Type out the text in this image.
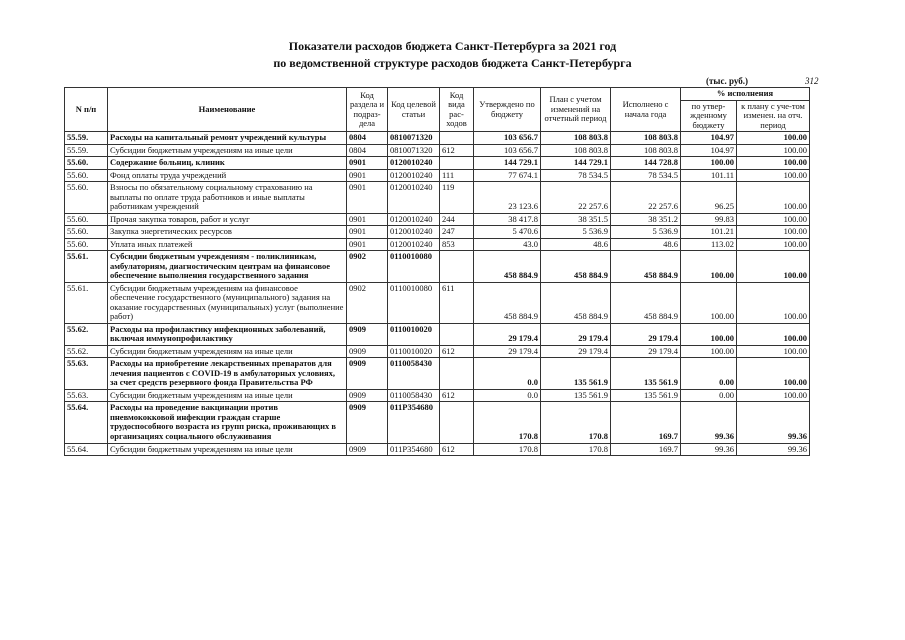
Показатели расходов бюджета Санкт-Петербурга за 2021 год
по ведомственной структуре расходов бюджета Санкт-Петербурга
(тыс. руб.)	312
N п/п	Наименование	Код раздела и подраз-дела	Код целевой статьи	Код вида рас-ходов	Утверждено по бюджету	План с учетом изменений на отчетный период	Исполнено с начала года	% исполнения	
								по утвер-жденному бюджету	к плану с уче-том изменен. на отч. период
55.59.	Расходы на капитальный ремонт учреждений культуры	0804	0810071320		103 656.7	108 803.8	108 803.8	104.97	100.00
55.59.	Субсидии бюджетным учреждениям на иные цели	0804	0810071320	612	103 656.7	108 803.8	108 803.8	104.97	100.00
55.60.	Содержание больниц, клиник	0901	0120010240		144 729.1	144 729.1	144 728.8	100.00	100.00
55.60.	Фонд оплаты труда учреждений	0901	0120010240	111	77 674.1	78 534.5	78 534.5	101.11	100.00
55.60.	Взносы по обязательному социальному страхованию на выплаты по оплате труда работников и иные выплаты работникам учреждений	0901	0120010240	119	23 123.6	22 257.6	22 257.6	96.25	100.00
55.60.	Прочая закупка товаров, работ и услуг	0901	0120010240	244	38 417.8	38 351.5	38 351.2	99.83	100.00
55.60.	Закупка энергетических ресурсов	0901	0120010240	247	5 470.6	5 536.9	5 536.9	101.21	100.00
55.60.	Уплата иных платежей	0901	0120010240	853	43.0	48.6	48.6	113.02	100.00
55.61.	Субсидии бюджетным учреждениям - поликлиникам, амбулаториям, диагностическим центрам на финансовое обеспечение выполнения государственного задания	0902	0110010080		458 884.9	458 884.9	458 884.9	100.00	100.00
55.61.	Субсидии бюджетным учреждениям на финансовое обеспечение государственного (муниципального) задания на оказание государственных (муниципальных) услуг (выполнение работ)	0902	0110010080	611	458 884.9	458 884.9	458 884.9	100.00	100.00
55.62.	Расходы на профилактику инфекционных заболеваний, включая иммунопрофилактику	0909	0110010020		29 179.4	29 179.4	29 179.4	100.00	100.00
55.62.	Субсидии бюджетным учреждениям на иные цели	0909	0110010020	612	29 179.4	29 179.4	29 179.4	100.00	100.00
55.63.	Расходы на приобретение лекарственных препаратов для лечения пациентов с COVID-19 в амбулаторных условиях, за счет средств резервного фонда Правительства РФ	0909	0110058430		0.0	135 561.9	135 561.9	0.00	100.00
55.63.	Субсидии бюджетным учреждениям на иные цели	0909	0110058430	612	0.0	135 561.9	135 561.9	0.00	100.00
55.64.	Расходы на проведение вакцинации против пневмококковой инфекции граждан старше трудоспособного возраста из групп риска, проживающих в организациях социального обслуживания	0909	011P354680		170.8	170.8	169.7	99.36	99.36
55.64.	Субсидии бюджетным учреждениям на иные цели	0909	011P354680	612	170.8	170.8	169.7	99.36	99.36
